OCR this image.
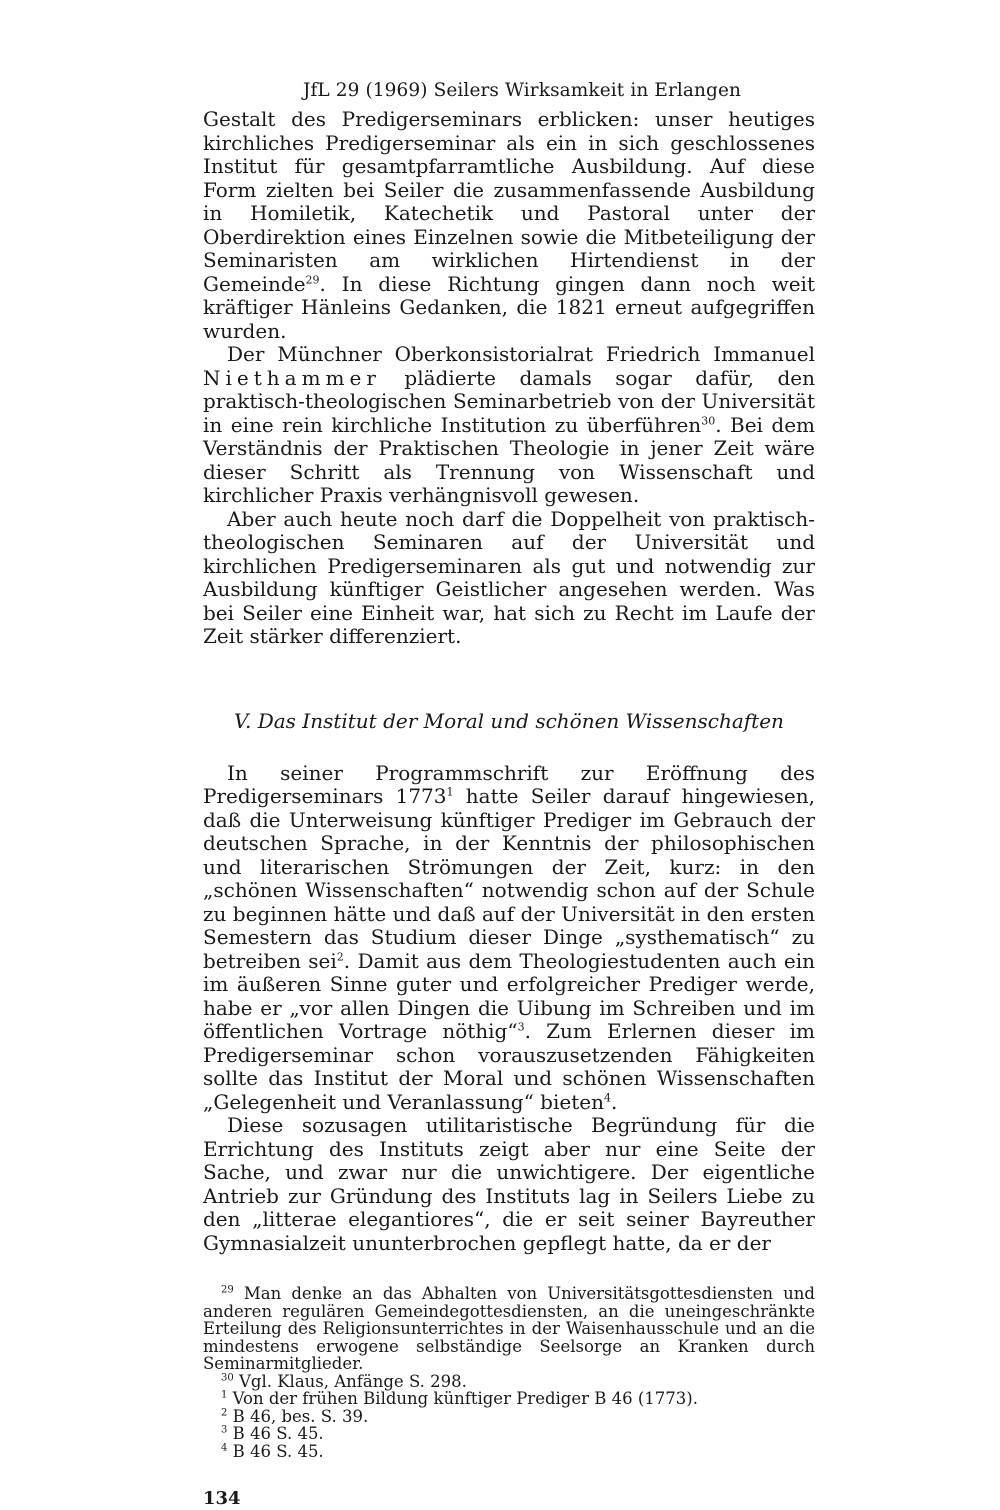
JfL 29 (1969) Seilers Wirksamkeit in Erlangen

Gestalt des Predigerseminars erblicken: unser heutiges kirchliches Predigerseminar als ein in sich geschlossenes Institut für gesamtpfarramtliche Ausbildung. Auf diese Form zielten bei Seiler die zusammenfassende Ausbildung in Homiletik, Katechetik und Pastoral unter der Oberdirektion eines Einzelnen sowie die Mitbeteiligung der Seminaristen am wirklichen Hirtendienst in der Gemeinde$^{29}$. In diese Richtung gingen dann noch weit kräftiger Hänleins Gedanken, die 1821 erneut aufgegriffen wurden.

Der Münchner Oberkonsistorialrat Friedrich Immanuel Niethammer plädierte damals sogar dafür, den praktisch-theologischen Seminarbetrieb von der Universität in eine rein kirchliche Institution zu überführen$^{30}$. Bei dem Verständnis der Praktischen Theologie in jener Zeit wäre dieser Schritt als Trennung von Wissenschaft und kirchlicher Praxis verhängnisvoll gewesen.

Aber auch heute noch darf die Doppelheit von praktisch-theologischen Seminaren auf der Universität und kirchlichen Predigerseminaren als gut und notwendig zur Ausbildung künftiger Geistlicher angesehen werden. Was bei Seiler eine Einheit war, hat sich zu Recht im Laufe der Zeit stärker differenziert.

V. Das Institut der Moral und schönen Wissenschaften

In seiner Programmschrift zur Eröffnung des Predigerseminars 1773$^1$ hatte Seiler darauf hingewiesen, daß die Unterweisung künftiger Prediger im Gebrauch der deutschen Sprache, in der Kenntnis der philosophischen und literarischen Strömungen der Zeit, kurz: in den „schönen Wissenschaften“ notwendig schon auf der Schule zu beginnen hätte und daß auf der Universität in den ersten Semestern das Studium dieser Dinge „systhematisch“ zu betreiben sei$^2$. Damit aus dem Theologiestudenten auch ein im äußeren Sinne guter und erfolgreicher Prediger werde, habe er „vor allen Dingen die Uibung im Schreiben und im öffentlichen Vortrage nöthig“$^3$. Zum Erlernen dieser im Predigerseminar schon vorauszusetzenden Fähigkeiten sollte das Institut der Moral und schönen Wissenschaften „Gelegenheit und Veranlassung“ bieten$^4$.

Diese sozusagen utilitaristische Begründung für die Errichtung des Instituts zeigt aber nur eine Seite der Sache, und zwar nur die unwichtigere. Der eigentliche Antrieb zur Gründung des Instituts lag in Seilers Liebe zu den „litterae elegantiores“, die er seit seiner Bayreuther Gymnasialzeit ununterbrochen gepflegt hatte, da er der

$^{29}$ Man denke an das Abhalten von Universitätsgottesdiensten und anderen regulären Gemeindegottesdiensten, an die uneingeschränkte Erteilung des Religionsunterrichtes in der Waisenhausschule und an die mindestens erwogene selbständige Seelsorge an Kranken durch Seminarmitglieder.

$^{30}$ Vgl. Klaus, Anfänge S. 298.

$^1$ Von der frühen Bildung künftiger Prediger B 46 (1773).

$^2$ B 46, bes. S. 39.

$^3$ B 46 S. 45.

$^4$ B 46 S. 45.

134
